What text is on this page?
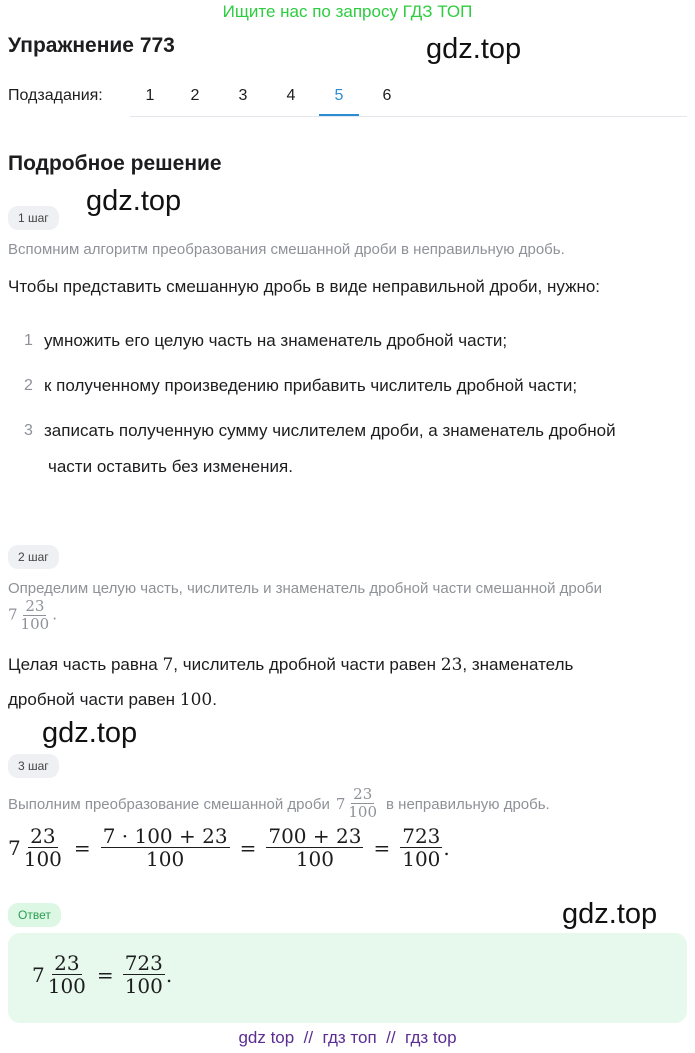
Ищите нас по запросу ГДЗ ТОП
Упражнение 773	gdz.top
Подзадания:	1	2	3	4	5	6
Подробное решение
1 шаг
gdz.top
Вспомним алгоритм преобразования смешанной дроби в неправильную дробь.
Чтобы представить смешанную дробь в виде неправильной дроби, нужно:
1 умножить его целую часть на знаменатель дробной части;
2 к полученному произведению прибавить числитель дробной части;
3 записать полученную сумму числителем дроби, а знаменатель дробной
части оставить без изменения.
2 шаг
Определим целую часть, числитель и знаменатель дробной части смешанной дроби
$7 \frac{23}{100}$ .
Целая часть равна 7, числитель дробной части равен 23, знаменатель
дробной части равен 100.
gdz.top
3 шаг
Выполним преобразование смешанной дроби $7 \frac{23}{100}$ в неправильную дробь.
$7 \frac{23}{100} = \frac{7 \cdot 100 + 23}{100} = \frac{700 + 23}{100} = \frac{723}{100}$ .
Ответ	gdz.top
$7 \frac{23}{100} = \frac{723}{100}$ .
gdz top  //  гдз топ  //  гдз top
